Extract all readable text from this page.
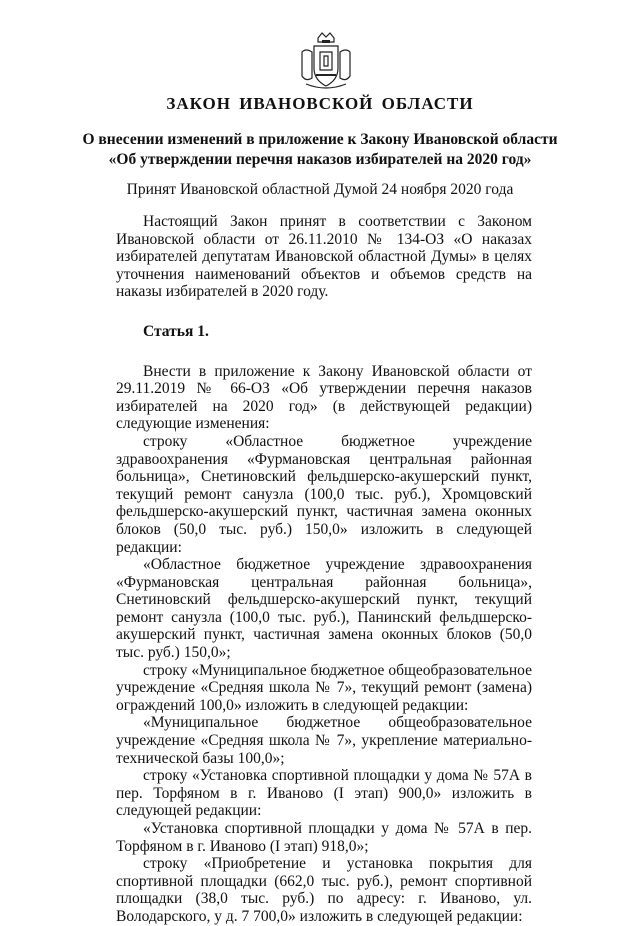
ЗАКОН ИВАНОВСКОЙ ОБЛАСТИ
О внесении изменений в приложение к Закону Ивановской области
«Об утверждении перечня наказов избирателей на 2020 год»
Принят Ивановской областной Думой 24 ноября 2020 года

Настоящий Закон принят в соответствии с Законом Ивановской области от 26.11.2010 № 134-ОЗ «О наказах избирателей депутатам Ивановской областной Думы» в целях уточнения наименований объектов и объемов средств на наказы избирателей в 2020 году.

Статья 1.

Внести в приложение к Закону Ивановской области от 29.11.2019 № 66-ОЗ «Об утверждении перечня наказов избирателей на 2020 год» (в действующей редакции) следующие изменения:

строку «Областное бюджетное учреждение здравоохранения «Фурмановская центральная районная больница», Снетиновский фельдшерско-акушерский пункт, текущий ремонт санузла (100,0 тыс. руб.), Хромцовский фельдшерско-акушерский пункт, частичная замена оконных блоков (50,0 тыс. руб.) 150,0» изложить в следующей редакции:

«Областное бюджетное учреждение здравоохранения «Фурмановская центральная районная больница», Снетиновский фельдшерско-акушерский пункт, текущий ремонт санузла (100,0 тыс. руб.), Панинский фельдшерско-акушерский пункт, частичная замена оконных блоков (50,0 тыс. руб.) 150,0»;

строку «Муниципальное бюджетное общеобразовательное учреждение «Средняя школа № 7», текущий ремонт (замена) ограждений 100,0» изложить в следующей редакции:

«Муниципальное бюджетное общеобразовательное учреждение «Средняя школа № 7», укрепление материально-технической базы 100,0»;

строку «Установка спортивной площадки у дома № 57А в пер. Торфяном в г. Иваново (I этап) 900,0» изложить в следующей редакции:

«Установка спортивной площадки у дома № 57А в пер. Торфяном в г. Иваново (I этап) 918,0»;

строку «Приобретение и установка покрытия для спортивной площадки (662,0 тыс. руб.), ремонт спортивной площадки (38,0 тыс. руб.) по адресу: г. Иваново, ул. Володарского, у д. 7 700,0» изложить в следующей редакции:
